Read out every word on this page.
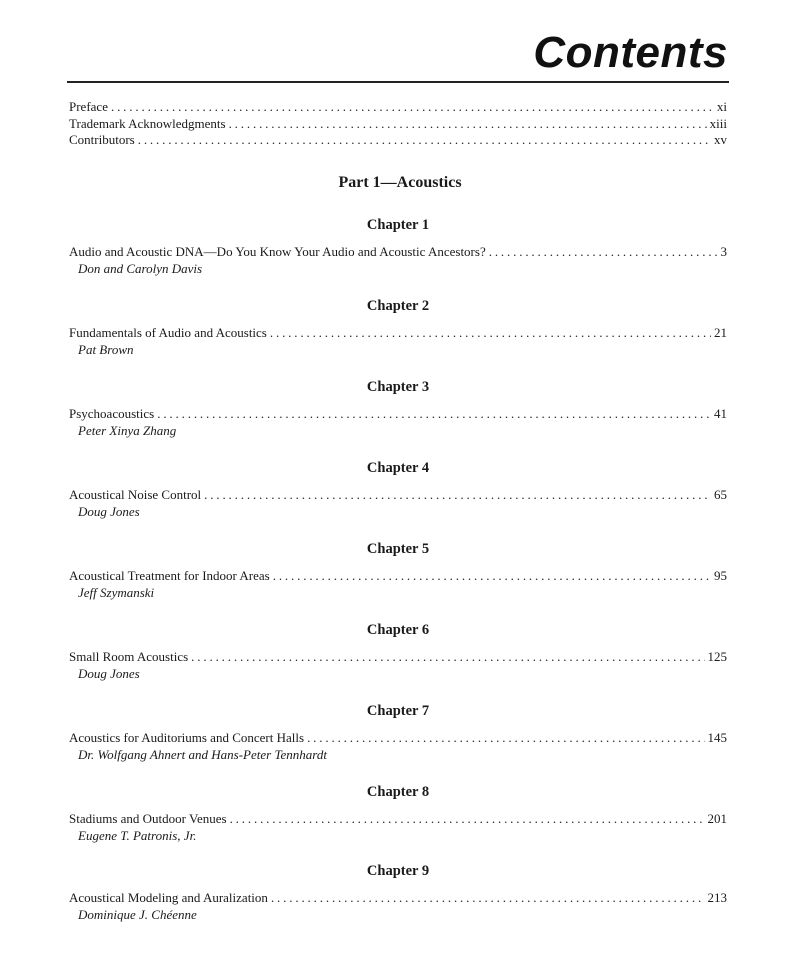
Contents
Preface . . .	xi
Trademark Acknowledgments . . .	xiii
Contributors . . .	xv
Part 1—Acoustics
Chapter 1
Audio and Acoustic DNA—Do You Know Your Audio and Acoustic Ancestors? . . .	3
Don and Carolyn Davis
Chapter 2
Fundamentals of Audio and Acoustics . . .	21
Pat Brown
Chapter 3
Psychoacoustics . . .	41
Peter Xinya Zhang
Chapter 4
Acoustical Noise Control . . .	65
Doug Jones
Chapter 5
Acoustical Treatment for Indoor Areas . . .	95
Jeff Szymanski
Chapter 6
Small Room Acoustics . . .	125
Doug Jones
Chapter 7
Acoustics for Auditoriums and Concert Halls . . .	145
Dr. Wolfgang Ahnert and Hans-Peter Tennhardt
Chapter 8
Stadiums and Outdoor Venues . . .	201
Eugene T. Patronis, Jr.
Chapter 9
Acoustical Modeling and Auralization . . .	213
Dominique J. Chéenne
